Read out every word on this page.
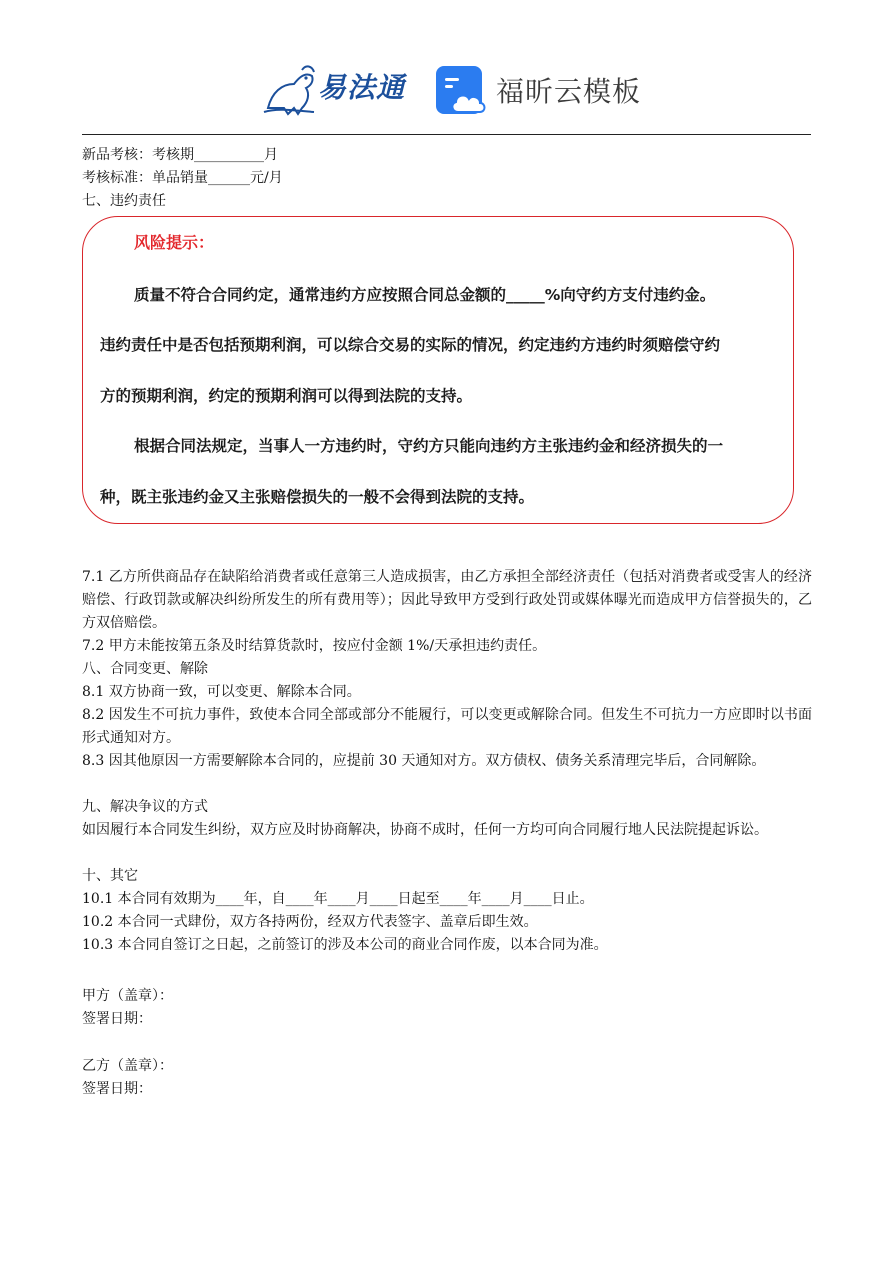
易法通	福昕云模板
新品考核：考核期__________月
考核标准：单品销量______元/月
七、违约责任
风险提示：
质量不符合合同约定，通常违约方应按照合同总金额的_____%向守约方支付违约金。
违约责任中是否包括预期利润，可以综合交易的实际的情况，约定违约方违约时须赔偿守约
方的预期利润，约定的预期利润可以得到法院的支持。
根据合同法规定，当事人一方违约时，守约方只能向违约方主张违约金和经济损失的一
种，既主张违约金又主张赔偿损失的一般不会得到法院的支持。
7.1 乙方所供商品存在缺陷给消费者或任意第三人造成损害，由乙方承担全部经济责任（包括对消费者或受害人的经济赔偿、行政罚款或解决纠纷所发生的所有费用等）；因此导致甲方受到行政处罚或媒体曝光而造成甲方信誉损失的，乙方双倍赔偿。
7.2 甲方未能按第五条及时结算货款时，按应付金额 1%/天承担违约责任。
八、合同变更、解除
8.1 双方协商一致，可以变更、解除本合同。
8.2 因发生不可抗力事件，致使本合同全部或部分不能履行，可以变更或解除合同。但发生不可抗力一方应即时以书面形式通知对方。
8.3 因其他原因一方需要解除本合同的，应提前 30 天通知对方。双方债权、债务关系清理完毕后，合同解除。
九、解决争议的方式
如因履行本合同发生纠纷，双方应及时协商解决，协商不成时，任何一方均可向合同履行地人民法院提起诉讼。
十、其它
10.1 本合同有效期为____年，自____年____月____日起至____年____月____日止。
10.2 本合同一式肆份，双方各持两份，经双方代表签字、盖章后即生效。
10.3 本合同自签订之日起，之前签订的涉及本公司的商业合同作废，以本合同为准。
甲方（盖章）：
签署日期：
乙方（盖章）：
签署日期：
